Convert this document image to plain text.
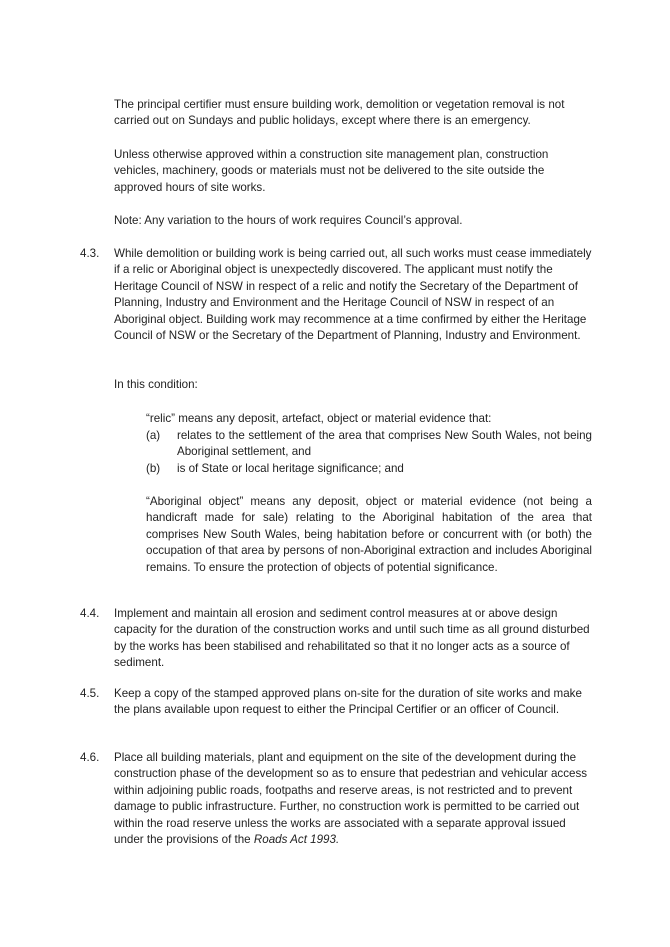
The principal certifier must ensure building work, demolition or vegetation removal is not carried out on Sundays and public holidays, except where there is an emergency.

Unless otherwise approved within a construction site management plan, construction vehicles, machinery, goods or materials must not be delivered to the site outside the approved hours of site works.

Note: Any variation to the hours of work requires Council’s approval.

4.3.	While demolition or building work is being carried out, all such works must cease immediately if a relic or Aboriginal object is unexpectedly discovered. The applicant must notify the Heritage Council of NSW in respect of a relic and notify the Secretary of the Department of Planning, Industry and Environment and the Heritage Council of NSW in respect of an Aboriginal object. Building work may recommence at a time confirmed by either the Heritage Council of NSW or the Secretary of the Department of Planning, Industry and Environment.

In this condition:

“relic” means any deposit, artefact, object or material evidence that:

(a)	relates to the settlement of the area that comprises New South Wales, not being Aboriginal settlement, and
(b)	is of State or local heritage significance; and

“Aboriginal object” means any deposit, object or material evidence (not being a handicraft made for sale) relating to the Aboriginal habitation of the area that comprises New South Wales, being habitation before or concurrent with (or both) the occupation of that area by persons of non-Aboriginal extraction and includes Aboriginal remains. To ensure the protection of objects of potential significance.

4.4.	Implement and maintain all erosion and sediment control measures at or above design capacity for the duration of the construction works and until such time as all ground disturbed by the works has been stabilised and rehabilitated so that it no longer acts as a source of sediment.

4.5.	Keep a copy of the stamped approved plans on-site for the duration of site works and make the plans available upon request to either the Principal Certifier or an officer of Council.

4.6.	Place all building materials, plant and equipment on the site of the development during the construction phase of the development so as to ensure that pedestrian and vehicular access within adjoining public roads, footpaths and reserve areas, is not restricted and to prevent damage to public infrastructure. Further, no construction work is permitted to be carried out within the road reserve unless the works are associated with a separate approval issued under the provisions of the Roads Act 1993.
